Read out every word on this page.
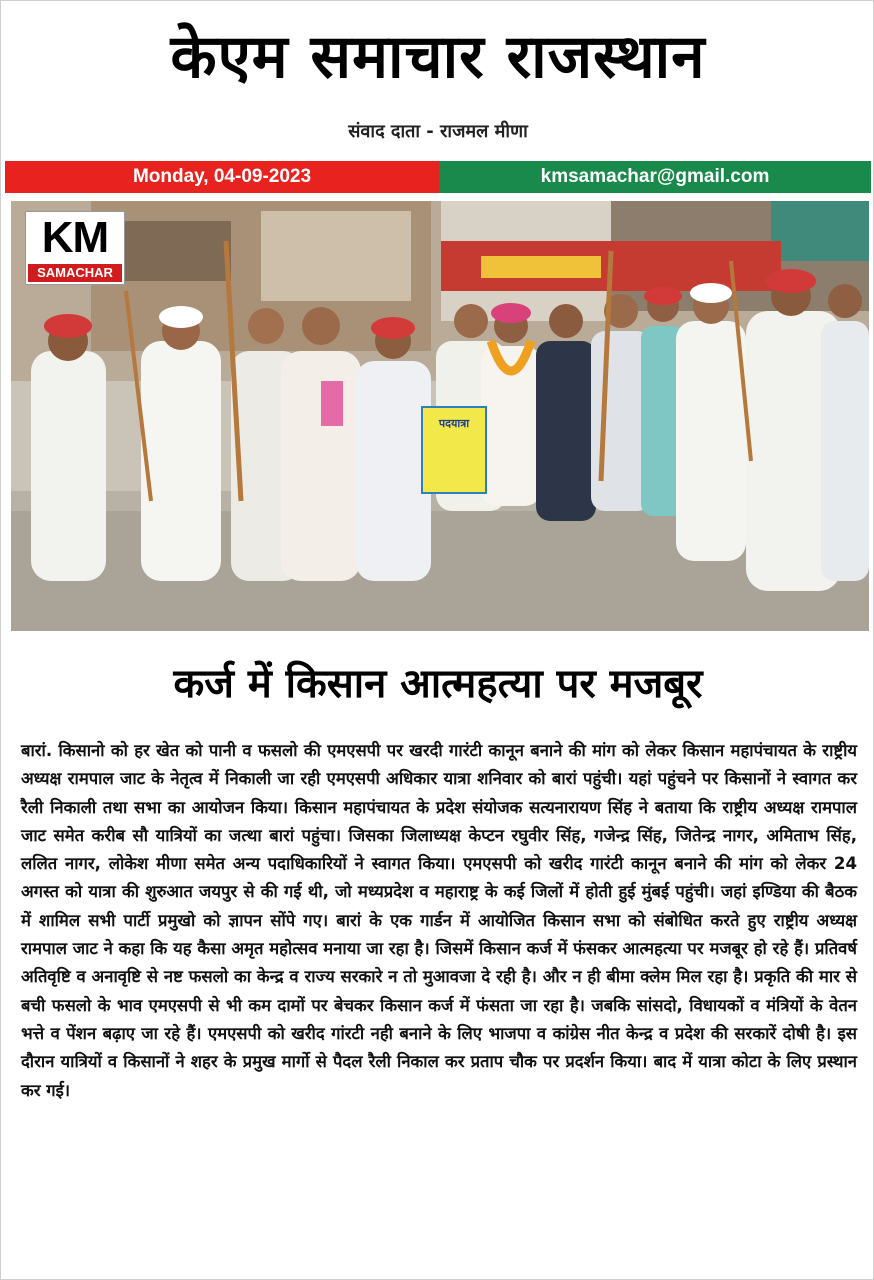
केएम समाचार राजस्थान
संवाद दाता - राजमल मीणा
Monday, 04-09-2023	kmsamachar@gmail.com
पदयात्रा
KM
SAMACHAR
कर्ज में किसान आत्महत्या पर मजबूर
बारां. किसानो को हर खेत को पानी व फसलो की एमएसपी पर खरदी गारंटी कानून बनाने की मांग को लेकर किसान महापंचायत के राष्ट्रीय अध्यक्ष रामपाल जाट के नेतृत्व में निकाली जा रही एमएसपी अधिकार यात्रा शनिवार को बारां पहुंची। यहां पहुंचने पर किसानों ने स्वागत कर रैली निकाली तथा सभा का आयोजन किया। किसान महापंचायत के प्रदेश संयोजक सत्यनारायण सिंह ने बताया कि राष्ट्रीय अध्यक्ष रामपाल जाट समेत करीब सौ यात्रियों का जत्था बारां पहुंचा। जिसका जिलाध्यक्ष केप्टन रघुवीर सिंह, गजेन्द्र सिंह, जितेन्द्र नागर, अमिताभ सिंह, ललित नागर, लोकेश मीणा समेत अन्य पदाधिकारियों ने स्वागत किया। एमएसपी को खरीद गारंटी कानून बनाने की मांग को लेकर 24 अगस्त को यात्रा की शुरुआत जयपुर से की गई थी, जो मध्यप्रदेश व महाराष्ट्र के कई जिलों में होती हुई मुंबई पहुंची। जहां इण्डिया की बैठक में शामिल सभी पार्टी प्रमुखो को ज्ञापन सोंपे गए। बारां के एक गार्डन में आयोजित किसान सभा को संबोधित करते हुए राष्ट्रीय अध्यक्ष रामपाल जाट ने कहा कि यह कैसा अमृत महोत्सव मनाया जा रहा है। जिसमें किसान कर्ज में फंसकर आत्महत्या पर मजबूर हो रहे हैं। प्रतिवर्ष अतिवृष्टि व अनावृष्टि से नष्ट फसलो का केन्द्र व राज्य सरकारे न तो मुआवजा दे रही है। और न ही बीमा क्लेम मिल रहा है। प्रकृति की मार से बची फसलो के भाव एमएसपी से भी कम दामों पर बेचकर किसान कर्ज में फंसता जा रहा है। जबकि सांसदो, विधायकों व मंत्रियों के वेतन भत्ते व पेंशन बढ़ाए जा रहे हैं। एमएसपी को खरीद गांरटी नही बनाने के लिए भाजपा व कांग्रेस नीत केन्द्र व प्रदेश की सरकारें दोषी है। इस दौरान यात्रियों व किसानों ने शहर के प्रमुख मार्गो से पैदल रैली निकाल कर प्रताप चौक पर प्रदर्शन किया। बाद में यात्रा कोटा के लिए प्रस्थान कर गई।
